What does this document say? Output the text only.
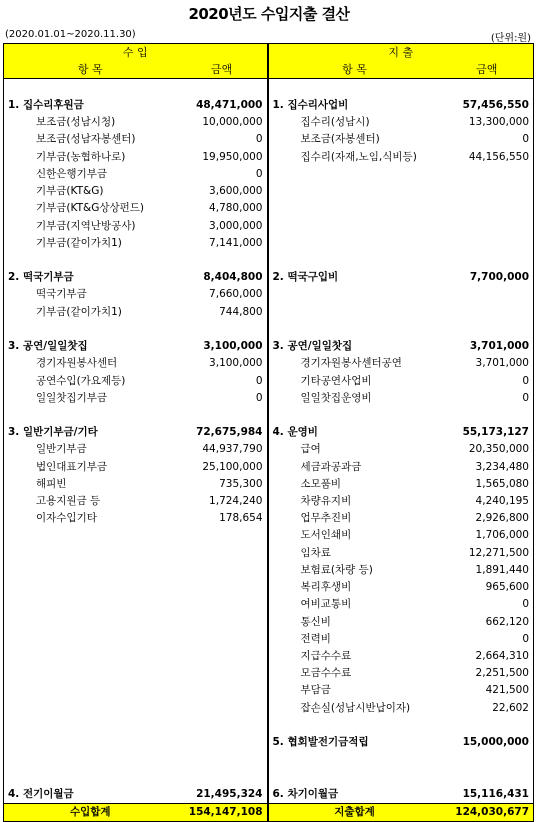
2020년도 수입지출 결산
(2020.01.01~2020.11.30)	(단위:원)
수 입		지 출	
항 목	금액	항 목	금액

1. 집수리후원금	48,471,000	1. 집수리사업비	57,456,550
보조금(성남시청)	10,000,000	집수리(성남시)	13,300,000
보조금(성남자봉센터)	0	보조금(자봉센터)	0
기부금(농협하나로)	19,950,000	집수리(자재,노임,식비등)	44,156,550
신한은행기부금	0		
기부금(KT&G)	3,600,000		
기부금(KT&G상상펀드)	4,780,000		
기부금(지역난방공사)	3,000,000		
기부금(같이가치1)	7,141,000		

2. 떡국기부금	8,404,800	2. 떡국구입비	7,700,000
떡국기부금	7,660,000		
기부금(같이가치1)	744,800		

3. 공연/일일찻집	3,100,000	3. 공연/일일찻집	3,701,000
경기자원봉사센터	3,100,000	경기자원봉사센터공연	3,701,000
공연수입(가요제등)	0	기타공연사업비	0
일일찻집기부금	0	일일찻집운영비	0

3. 일반기부금/기타	72,675,984	4. 운영비	55,173,127
일반기부금	44,937,790	급여	20,350,000
법인대표기부금	25,100,000	세금과공과금	3,234,480
해피빈	735,300	소모품비	1,565,080
고용지원금 등	1,724,240	차량유지비	4,240,195
이자수입기타	178,654	업무추진비	2,926,800
		도서인쇄비	1,706,000
		임차료	12,271,500
		보험료(차량 등)	1,891,440
		복리후생비	965,600
		여비교통비	0
		통신비	662,120
		전력비	0
		지급수수료	2,664,310
		모금수수료	2,251,500
		부담금	421,500
		잡손실(성남시반납이자)	22,602

		5. 협회발전기금적립	15,000,000

4. 전기이월금	21,495,324	6. 차기이월금	15,116,431
수입합계	154,147,108	지출합계	124,030,677
